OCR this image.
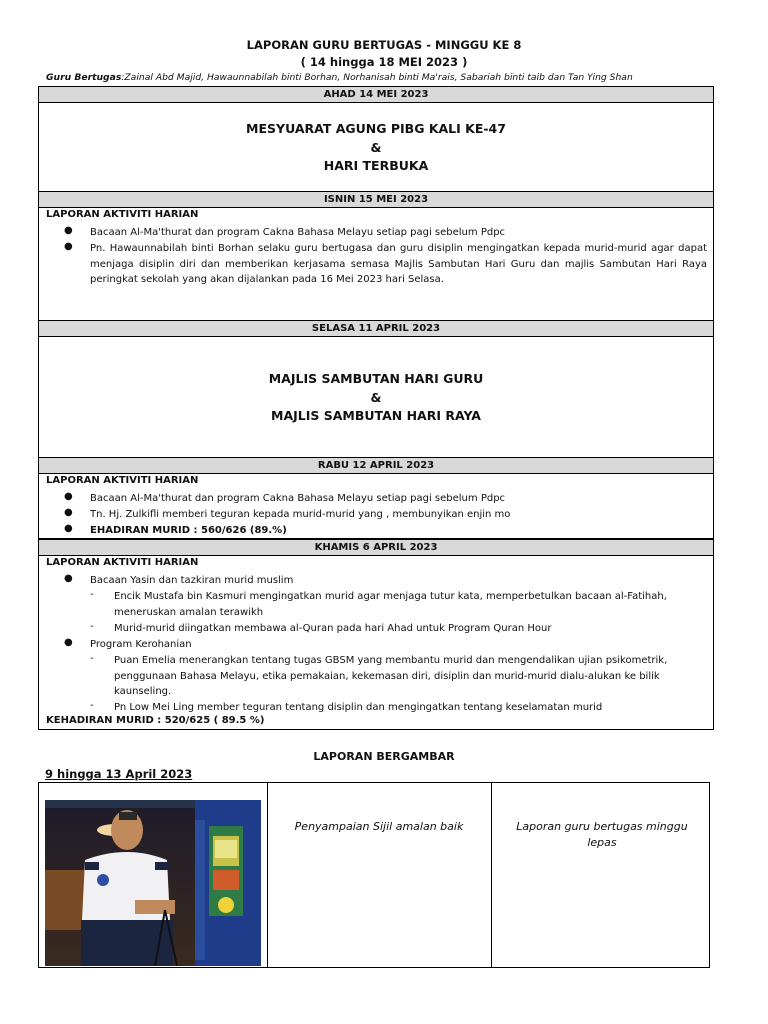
LAPORAN GURU BERTUGAS - MINGGU KE 8
( 14 hingga 18 MEI 2023 )
Guru Bertugas:Zainal Abd Majid, Hawaunnabilah binti Borhan, Norhanisah binti Ma'rais, Sabariah binti taib dan Tan Ying Shan
AHAD 14 MEI 2023
MESYUARAT AGUNG PIBG KALI KE-47
&
HARI TERBUKA
ISNIN 15 MEI 2023
LAPORAN AKTIVITI HARIAN
● Bacaan Al-Ma'thurat dan program Cakna Bahasa Melayu setiap pagi sebelum Pdpc
● Pn. Hawaunnabilah binti Borhan selaku guru bertugasa dan guru disiplin mengingatkan kepada murid-murid agar dapat menjaga disiplin diri dan memberikan kerjasama semasa Majlis Sambutan Hari Guru dan majlis Sambutan Hari Raya peringkat sekolah yang akan dijalankan pada 16 Mei 2023 hari Selasa.
SELASA 11 APRIL 2023
MAJLIS SAMBUTAN HARI GURU
&
MAJLIS SAMBUTAN HARI RAYA
RABU 12 APRIL 2023
LAPORAN AKTIVITI HARIAN
● Bacaan Al-Ma'thurat dan program Cakna Bahasa Melayu setiap pagi sebelum Pdpc
● Tn. Hj. Zulkifli memberi teguran kepada murid-murid yang , membunyikan enjin mo
● EHADIRAN MURID : 560/626 (89.%)
KHAMIS 6 APRIL 2023
LAPORAN AKTIVITI HARIAN
● Bacaan Yasin dan tazkiran murid muslim
- Encik Mustafa bin Kasmuri mengingatkan murid agar menjaga tutur kata, memperbetulkan bacaan al-Fatihah, meneruskan amalan terawikh
- Murid-murid diingatkan membawa al-Quran pada hari Ahad untuk Program Quran Hour
● Program Kerohanian
- Puan Emelia menerangkan tentang tugas GBSM yang membantu murid dan mengendalikan ujian psikometrik, penggunaan Bahasa Melayu, etika pemakaian, kekemasan diri, disiplin dan murid-murid dialu-alukan ke bilik kaunseling.
- Pn Low Mei Ling member teguran tentang disiplin dan mengingatkan tentang keselamatan murid
KEHADIRAN MURID : 520/625 ( 89.5 %)
LAPORAN BERGAMBAR
9 hingga 13 April 2023
Penyampaian Sijil amalan baik	Laporan guru bertugas minggu lepas
